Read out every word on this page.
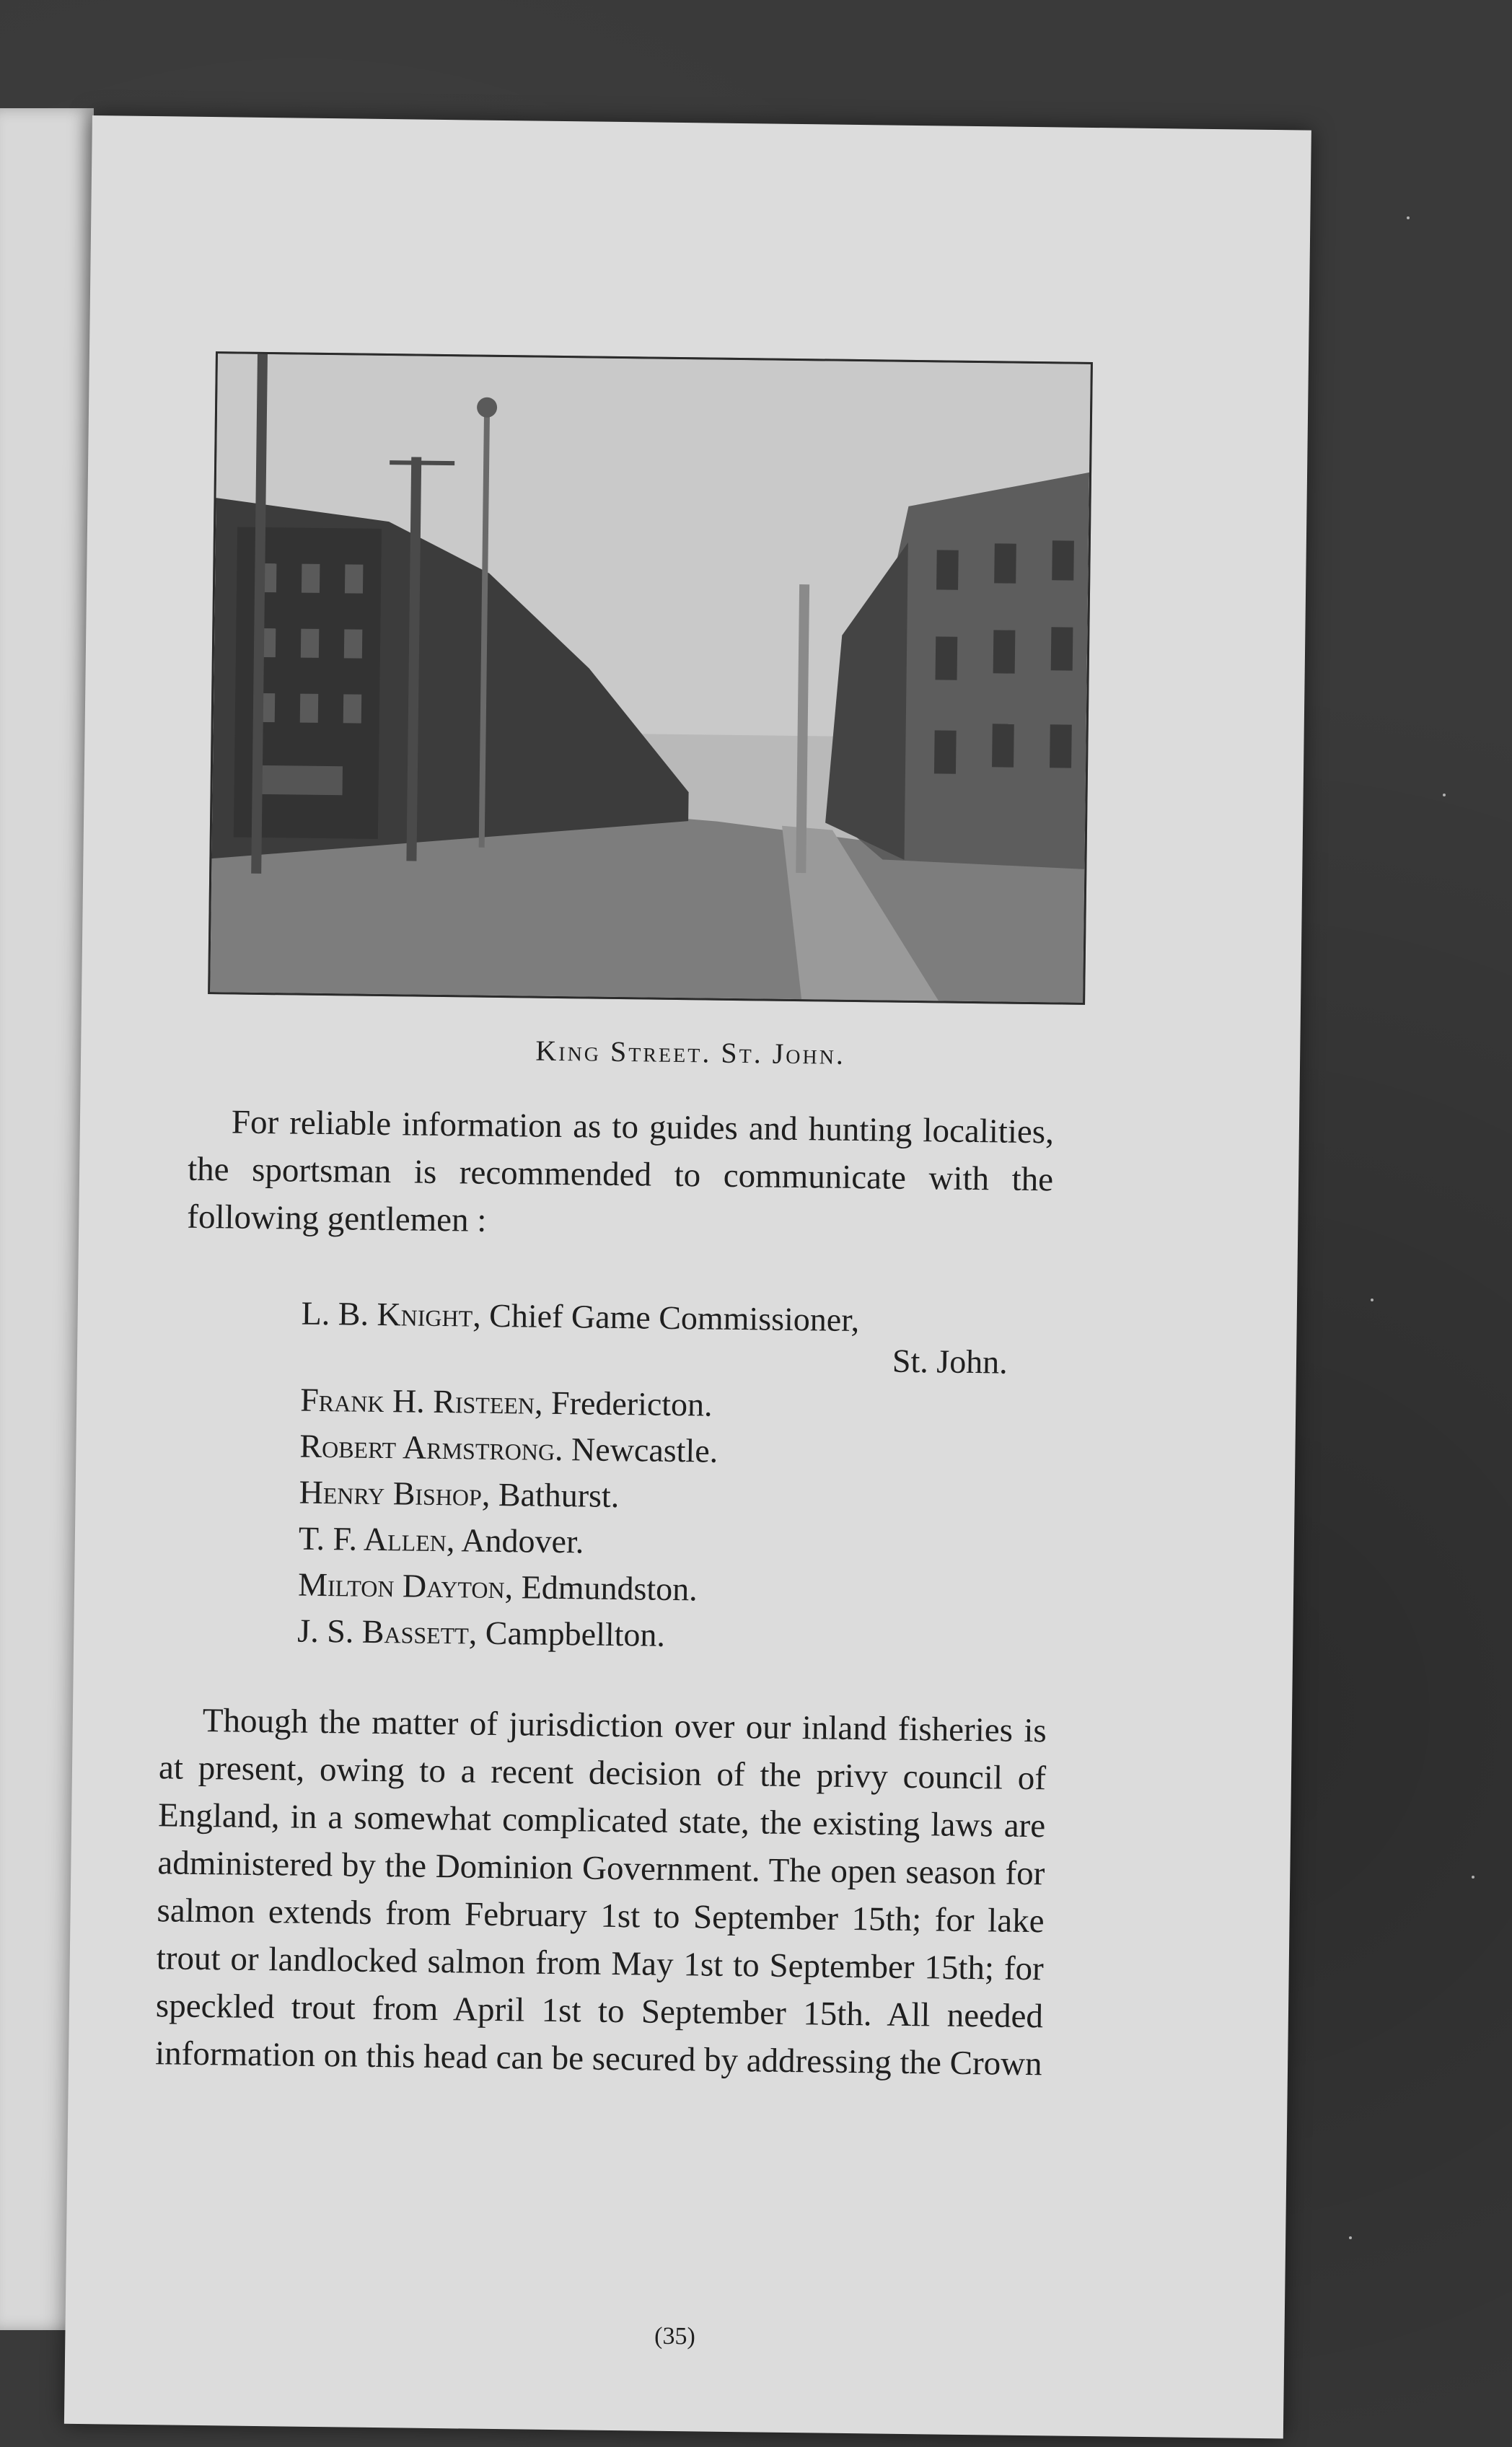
King Street. St. John.

For reliable information as to guides and hunting localities, the sportsman is recommended to communicate with the following gentlemen :

L. B. Knight, Chief Game Commissioner,
St. John.
Frank H. Risteen, Fredericton.
Robert Armstrong. Newcastle.
Henry Bishop, Bathurst.
T. F. Allen, Andover.
Milton Dayton, Edmundston.
J. S. Bassett, Campbellton.

Though the matter of jurisdiction over our inland fisheries is at present, owing to a recent decision of the privy council of England, in a somewhat complicated state, the existing laws are administered by the Dominion Government. The open season for salmon extends from February 1st to September 15th; for lake trout or landlocked salmon from May 1st to September 15th; for speckled trout from April 1st to September 15th. All needed information on this head can be secured by addressing the Crown

(35)
